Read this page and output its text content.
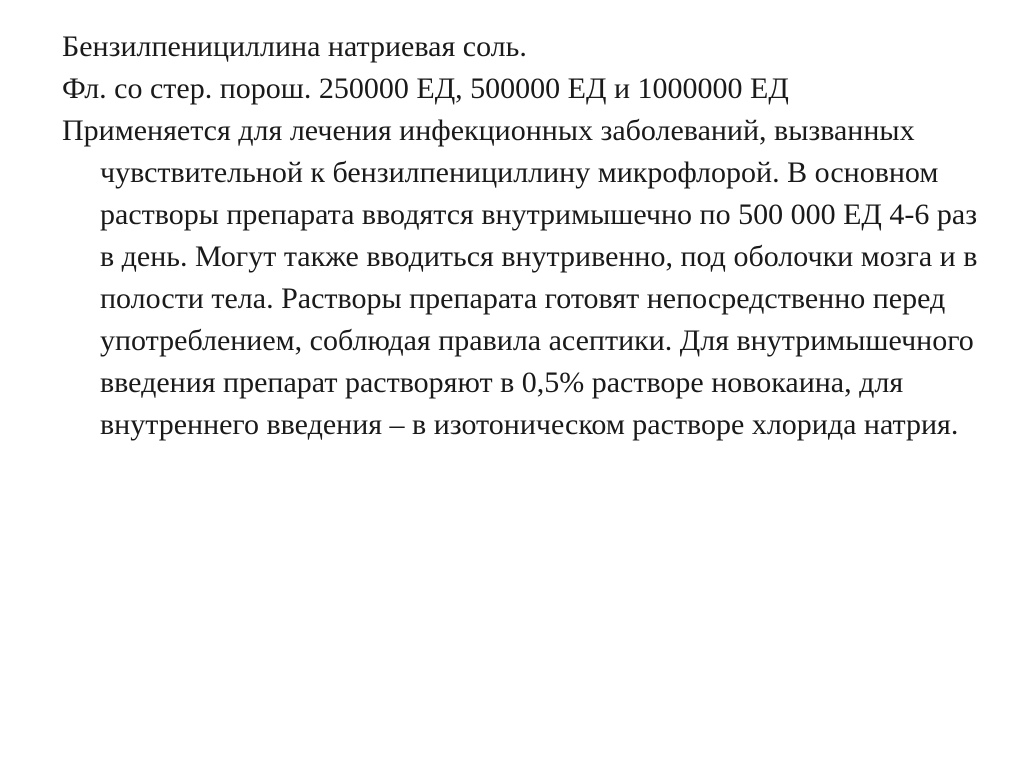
Бензилпенициллина натриевая соль.

Фл. со стер. порош. 250000 ЕД, 500000 ЕД и 1000000 ЕД

Применяется для лечения инфекционных заболеваний, вызванных чувствительной к бензилпенициллину микрофлорой. В основном растворы препарата вводятся внутримышечно по 500 000 ЕД 4-6 раз в день. Могут также вводиться внутривенно, под оболочки мозга и в полости тела. Растворы препарата готовят непосредственно перед употреблением, соблюдая правила асептики. Для внутримышечного введения препарат растворяют в 0,5% растворе новокаина, для внутреннего введения – в изотоническом растворе хлорида натрия.
